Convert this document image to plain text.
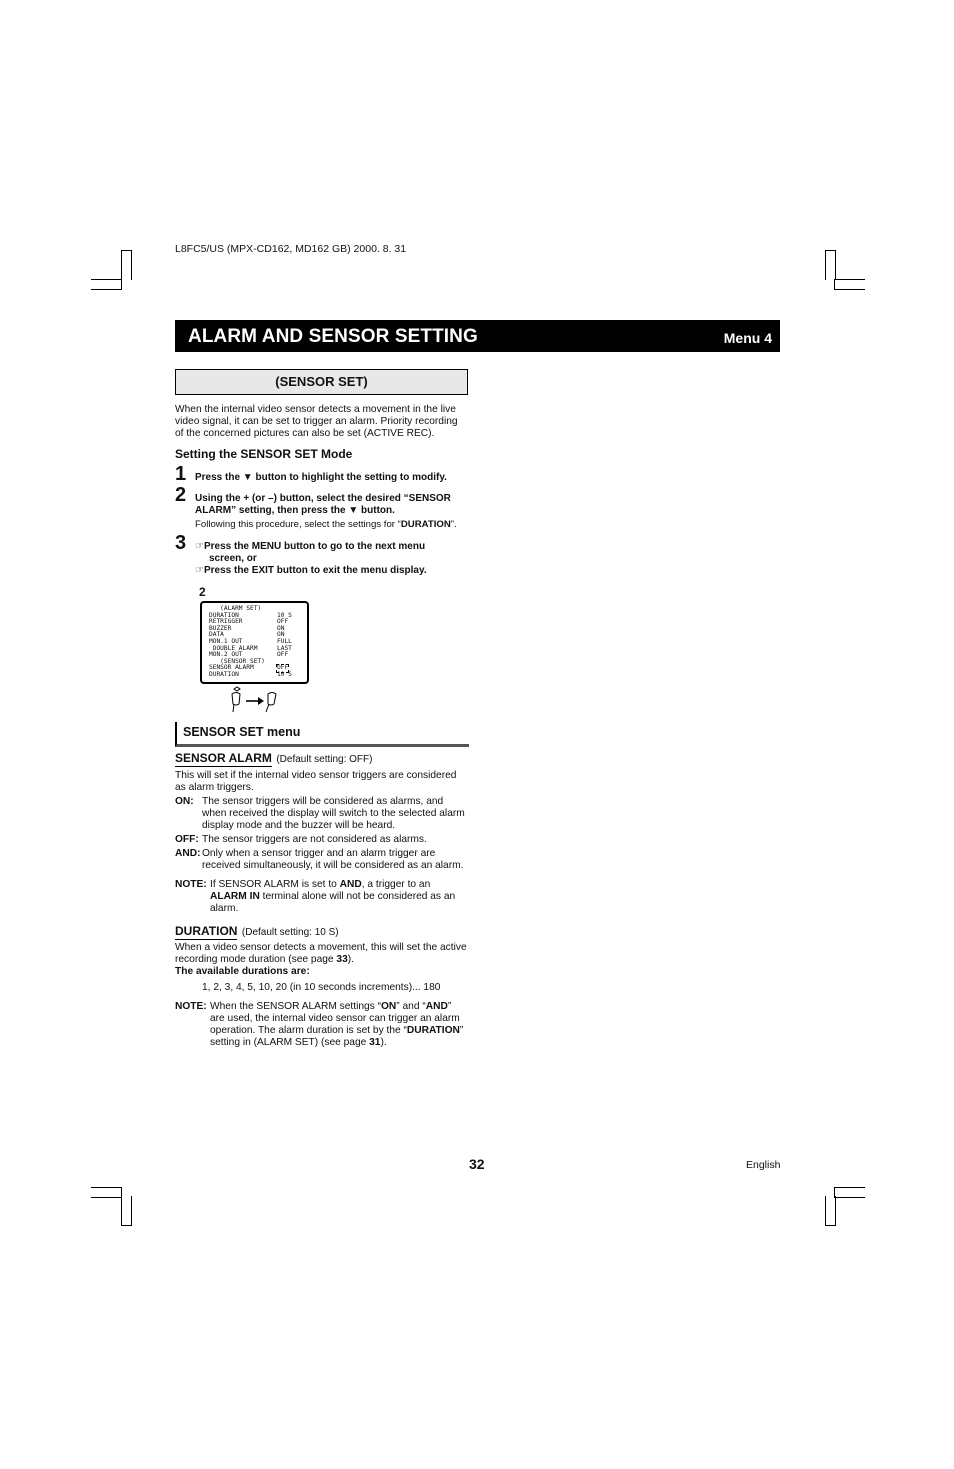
L8FC5/US (MPX-CD162, MD162 GB) 2000. 8. 31
ALARM AND SENSOR SETTING	Menu 4
(SENSOR SET)
When the internal video sensor detects a movement in the live
video signal, it can be set to trigger an alarm. Priority recording
of the concerned pictures can also be set (ACTIVE REC).
Setting the SENSOR SET Mode
1 Press the ▼ button to highlight the setting to modify.
2 Using the + (or –) button, select the desired “SENSOR
ALARM” setting, then press the ▼ button.
Following this procedure, select the settings for “DURATION”.
3 ☞Press the MENU button to go to the next menu
screen, or
☞Press the EXIT button to exit the menu display.
2
(ALARM SET)
DURATION
RETRIGGER
BUZZER
DATA
MON.1 OUT
DOUBLE ALARM
MON.2 OUT
(SENSOR SET)
SENSOR ALARM
DURATION
10 S
OFF
ON
ON
FULL
LAST
OFF
OFF
10 S
SENSOR SET menu
SENSOR ALARM (Default setting: OFF)
This will set if the internal video sensor triggers are considered
as alarm triggers.
ON: The sensor triggers will be considered as alarms, and
when received the display will switch to the selected alarm
display mode and the buzzer will be heard.
OFF: The sensor triggers are not considered as alarms.
AND: Only when a sensor trigger and an alarm trigger are
received simultaneously, it will be considered as an alarm.
NOTE: If SENSOR ALARM is set to AND, a trigger to an
ALARM IN terminal alone will not be considered as an
alarm.
DURATION (Default setting: 10 S)
When a video sensor detects a movement, this will set the active
recording mode duration (see page 33).
The available durations are:
1, 2, 3, 4, 5, 10, 20 (in 10 seconds increments)... 180
NOTE: When the SENSOR ALARM settings “ON” and “AND”
are used, the internal video sensor can trigger an alarm
operation. The alarm duration is set by the “DURATION”
setting in (ALARM SET) (see page 31).
32	English
